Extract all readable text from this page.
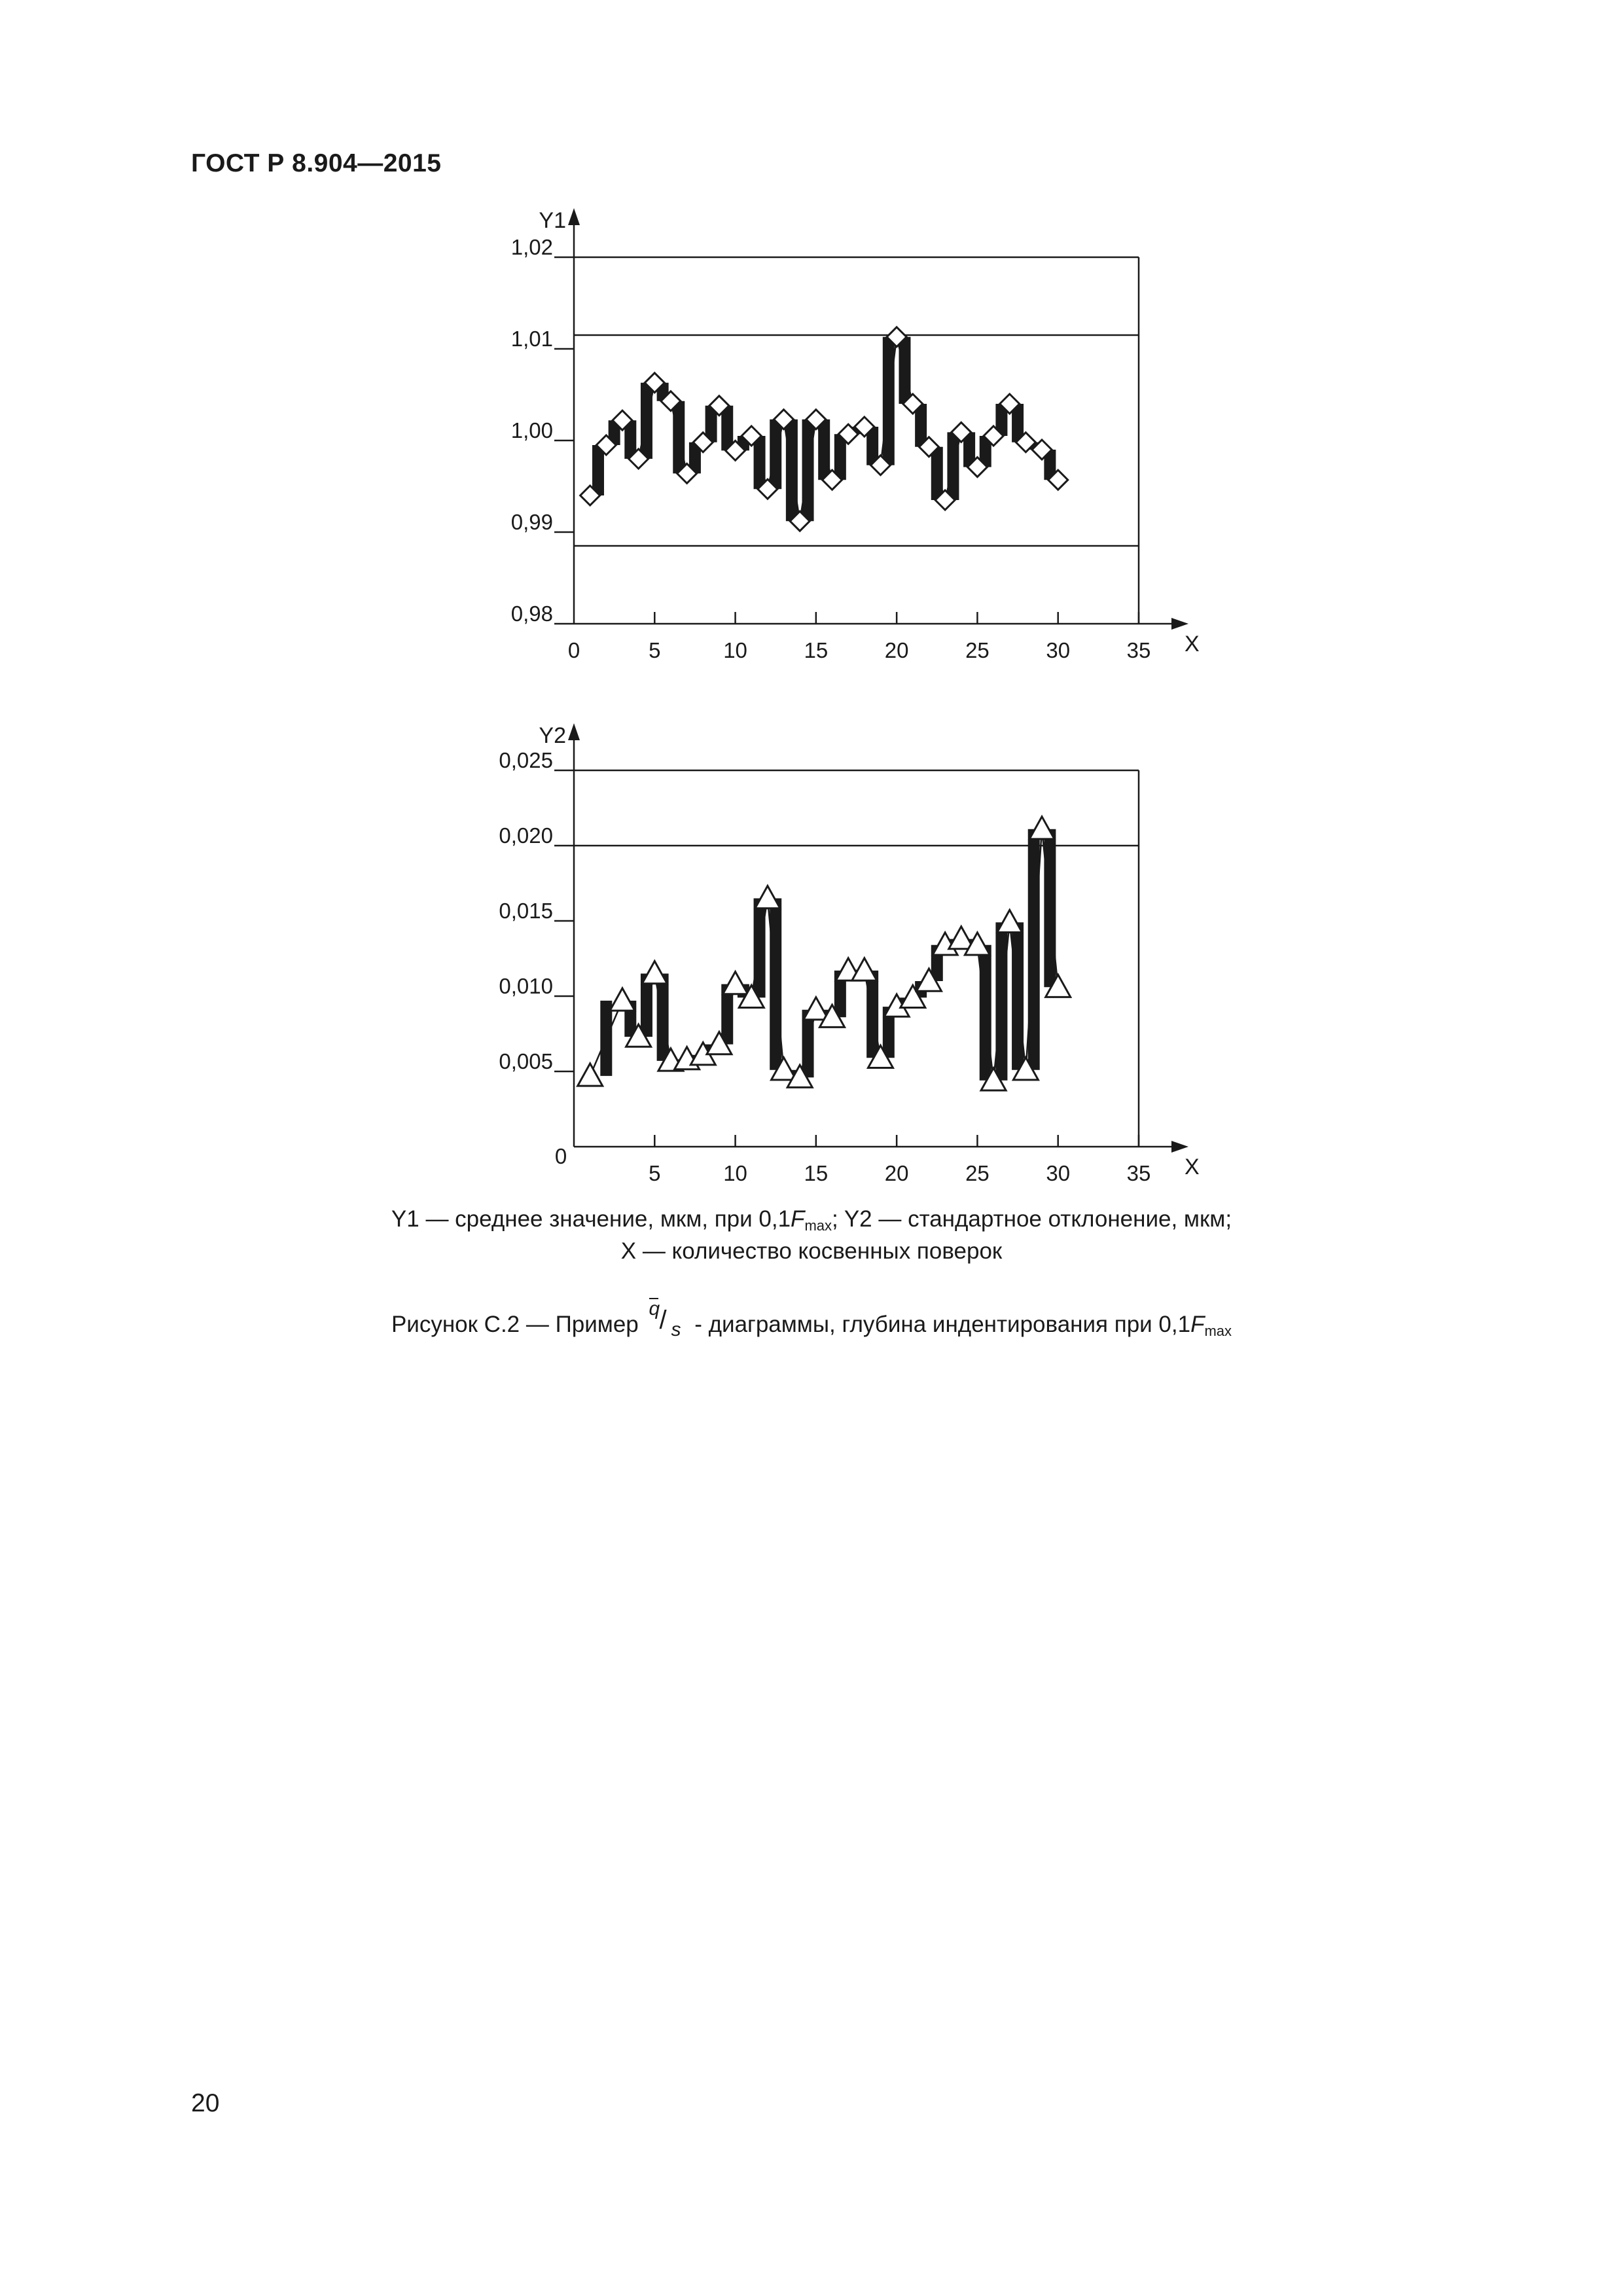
ГОСТ Р 8.904—2015
Y1
X
0,98
0,99
1,00
1,01
1,02
0	5	10	15	20	25	30	35
Y2
X
0,005
0,010
0,015
0,020
0,025
0
5	10	15	20	25	30	35
Y1 — среднее значение, мкм, при $0,1F_{max}$; Y2 — стандартное отклонение, мкм;
X — количество косвенных поверок
Рисунок С.2 — Пример
q / s - диаграммы, глубина индентирования при $0,1F_{max}$
20
